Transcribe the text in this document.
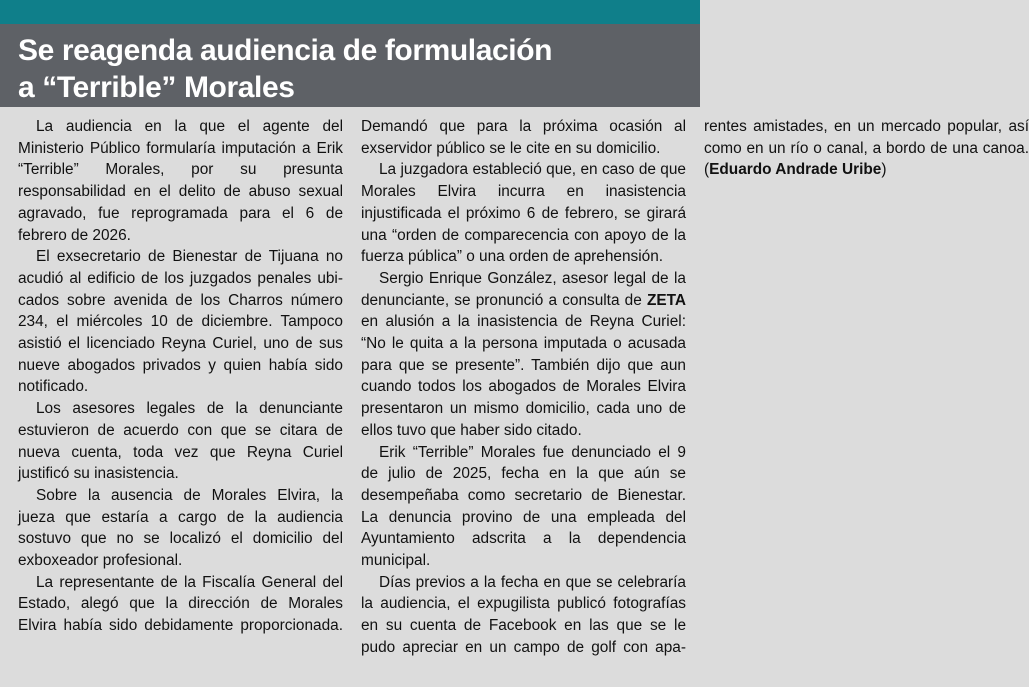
Se reagenda audiencia de formulación
a “Terrible” Morales

La audiencia en la que el agente del Ministerio Público formularía imputación a Erik “Terrible” Morales, por su presunta responsabilidad en el delito de abuso sexual agravado, fue reprogramada para el 6 de febrero de 2026.

El exsecretario de Bienestar de Tijuana no acudió al edificio de los juzgados penales ubicados sobre avenida de los Charros número 234, el miércoles 10 de diciembre. Tampoco asistió el licenciado Reyna Curiel, uno de sus nueve abogados privados y quien había sido notificado.

Los asesores legales de la denunciante estuvieron de acuerdo con que se citara de nueva cuenta, toda vez que Reyna Curiel justificó su inasistencia.

Sobre la ausencia de Morales Elvira, la jueza que estaría a cargo de la audiencia sostuvo que no se localizó el domicilio del exboxeador profesional.

La representante de la Fiscalía General del Estado, alegó que la dirección de Morales Elvira había sido debidamente proporcionada. Demandó que para la próxima ocasión al exservidor público se le cite en su domicilio.

La juzgadora estableció que, en caso de que Morales Elvira incurra en inasistencia injustificada el próximo 6 de febrero, se girará una “orden de comparecencia con apoyo de la fuerza pública” o una orden de aprehensión.

Sergio Enrique González, asesor legal de la denunciante, se pronunció a consulta de ZETA en alusión a la inasistencia de Reyna Curiel: “No le quita a la persona imputada o acusada para que se presente”. También dijo que aun cuando todos los abogados de Morales Elvira presentaron un mismo domicilio, cada uno de ellos tuvo que haber sido citado.

Erik “Terrible” Morales fue denunciado el 9 de julio de 2025, fecha en la que aún se desempeñaba como secretario de Bienestar. La denuncia provino de una empleada del Ayuntamiento adscrita a la dependencia municipal.

Días previos a la fecha en que se celebraría la audiencia, el expugilista publicó fotografías en su cuenta de Facebook en las que se le pudo apreciar en un campo de golf con aparentes amistades, en un mercado popular, así como en un río o canal, a bordo de una canoa. (Eduardo Andrade Uribe)
